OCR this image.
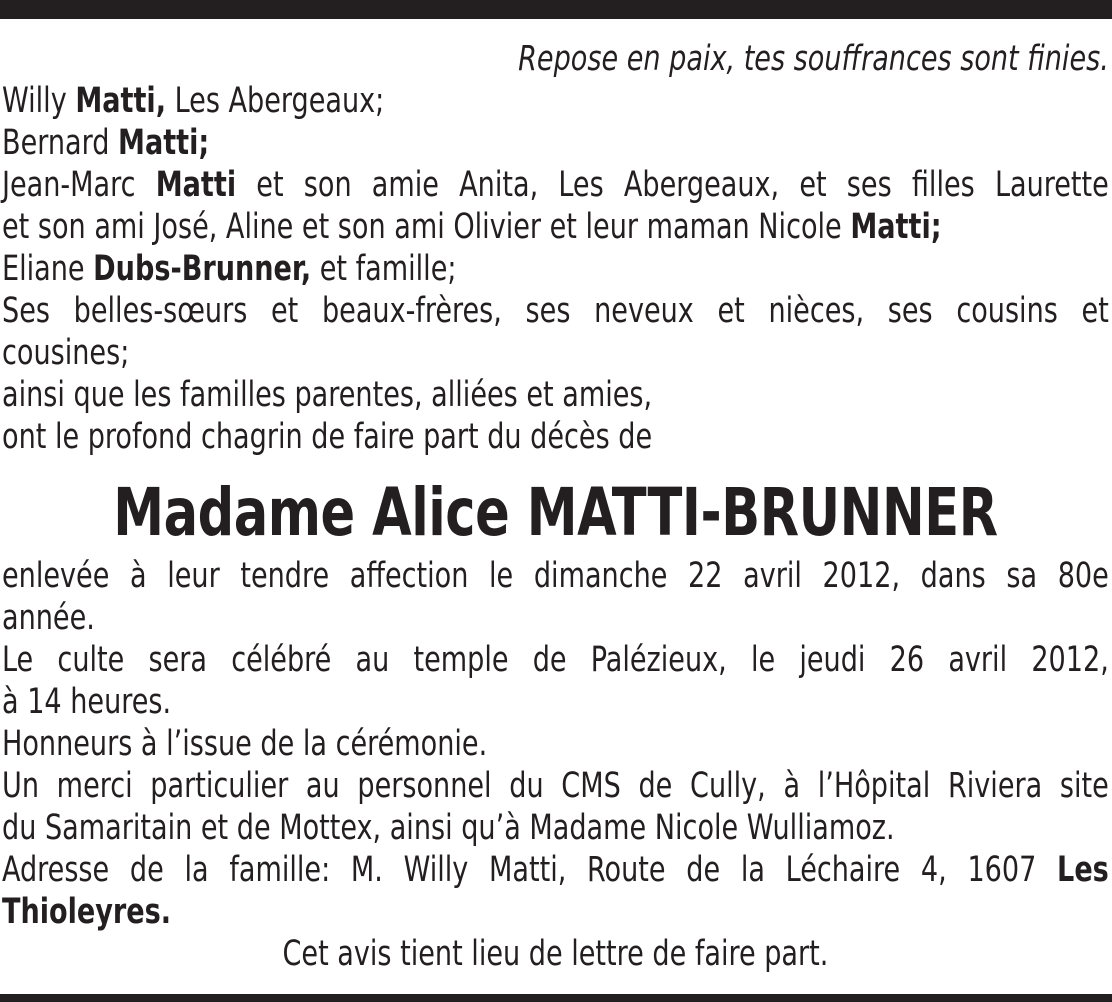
Repose en paix, tes souffrances sont finies.
Willy Matti, Les Abergeaux;
Bernard Matti;
Jean-Marc Matti et son amie Anita, Les Abergeaux, et ses filles Laurette
et son ami José, Aline et son ami Olivier et leur maman Nicole Matti;
Eliane Dubs-Brunner, et famille;
Ses belles-sœurs et beaux-frères, ses neveux et nièces, ses cousins et
cousines;
ainsi que les familles parentes, alliées et amies,
ont le profond chagrin de faire part du décès de
Madame Alice MATTI-BRUNNER
enlevée à leur tendre affection le dimanche 22 avril 2012, dans sa 80e
année.
Le culte sera célébré au temple de Palézieux, le jeudi 26 avril 2012,
à 14 heures.
Honneurs à l’issue de la cérémonie.
Un merci particulier au personnel du CMS de Cully, à l’Hôpital Riviera site
du Samaritain et de Mottex, ainsi qu’à Madame Nicole Wulliamoz.
Adresse de la famille: M. Willy Matti, Route de la Léchaire 4, 1607 Les
Thioleyres.
Cet avis tient lieu de lettre de faire part.
